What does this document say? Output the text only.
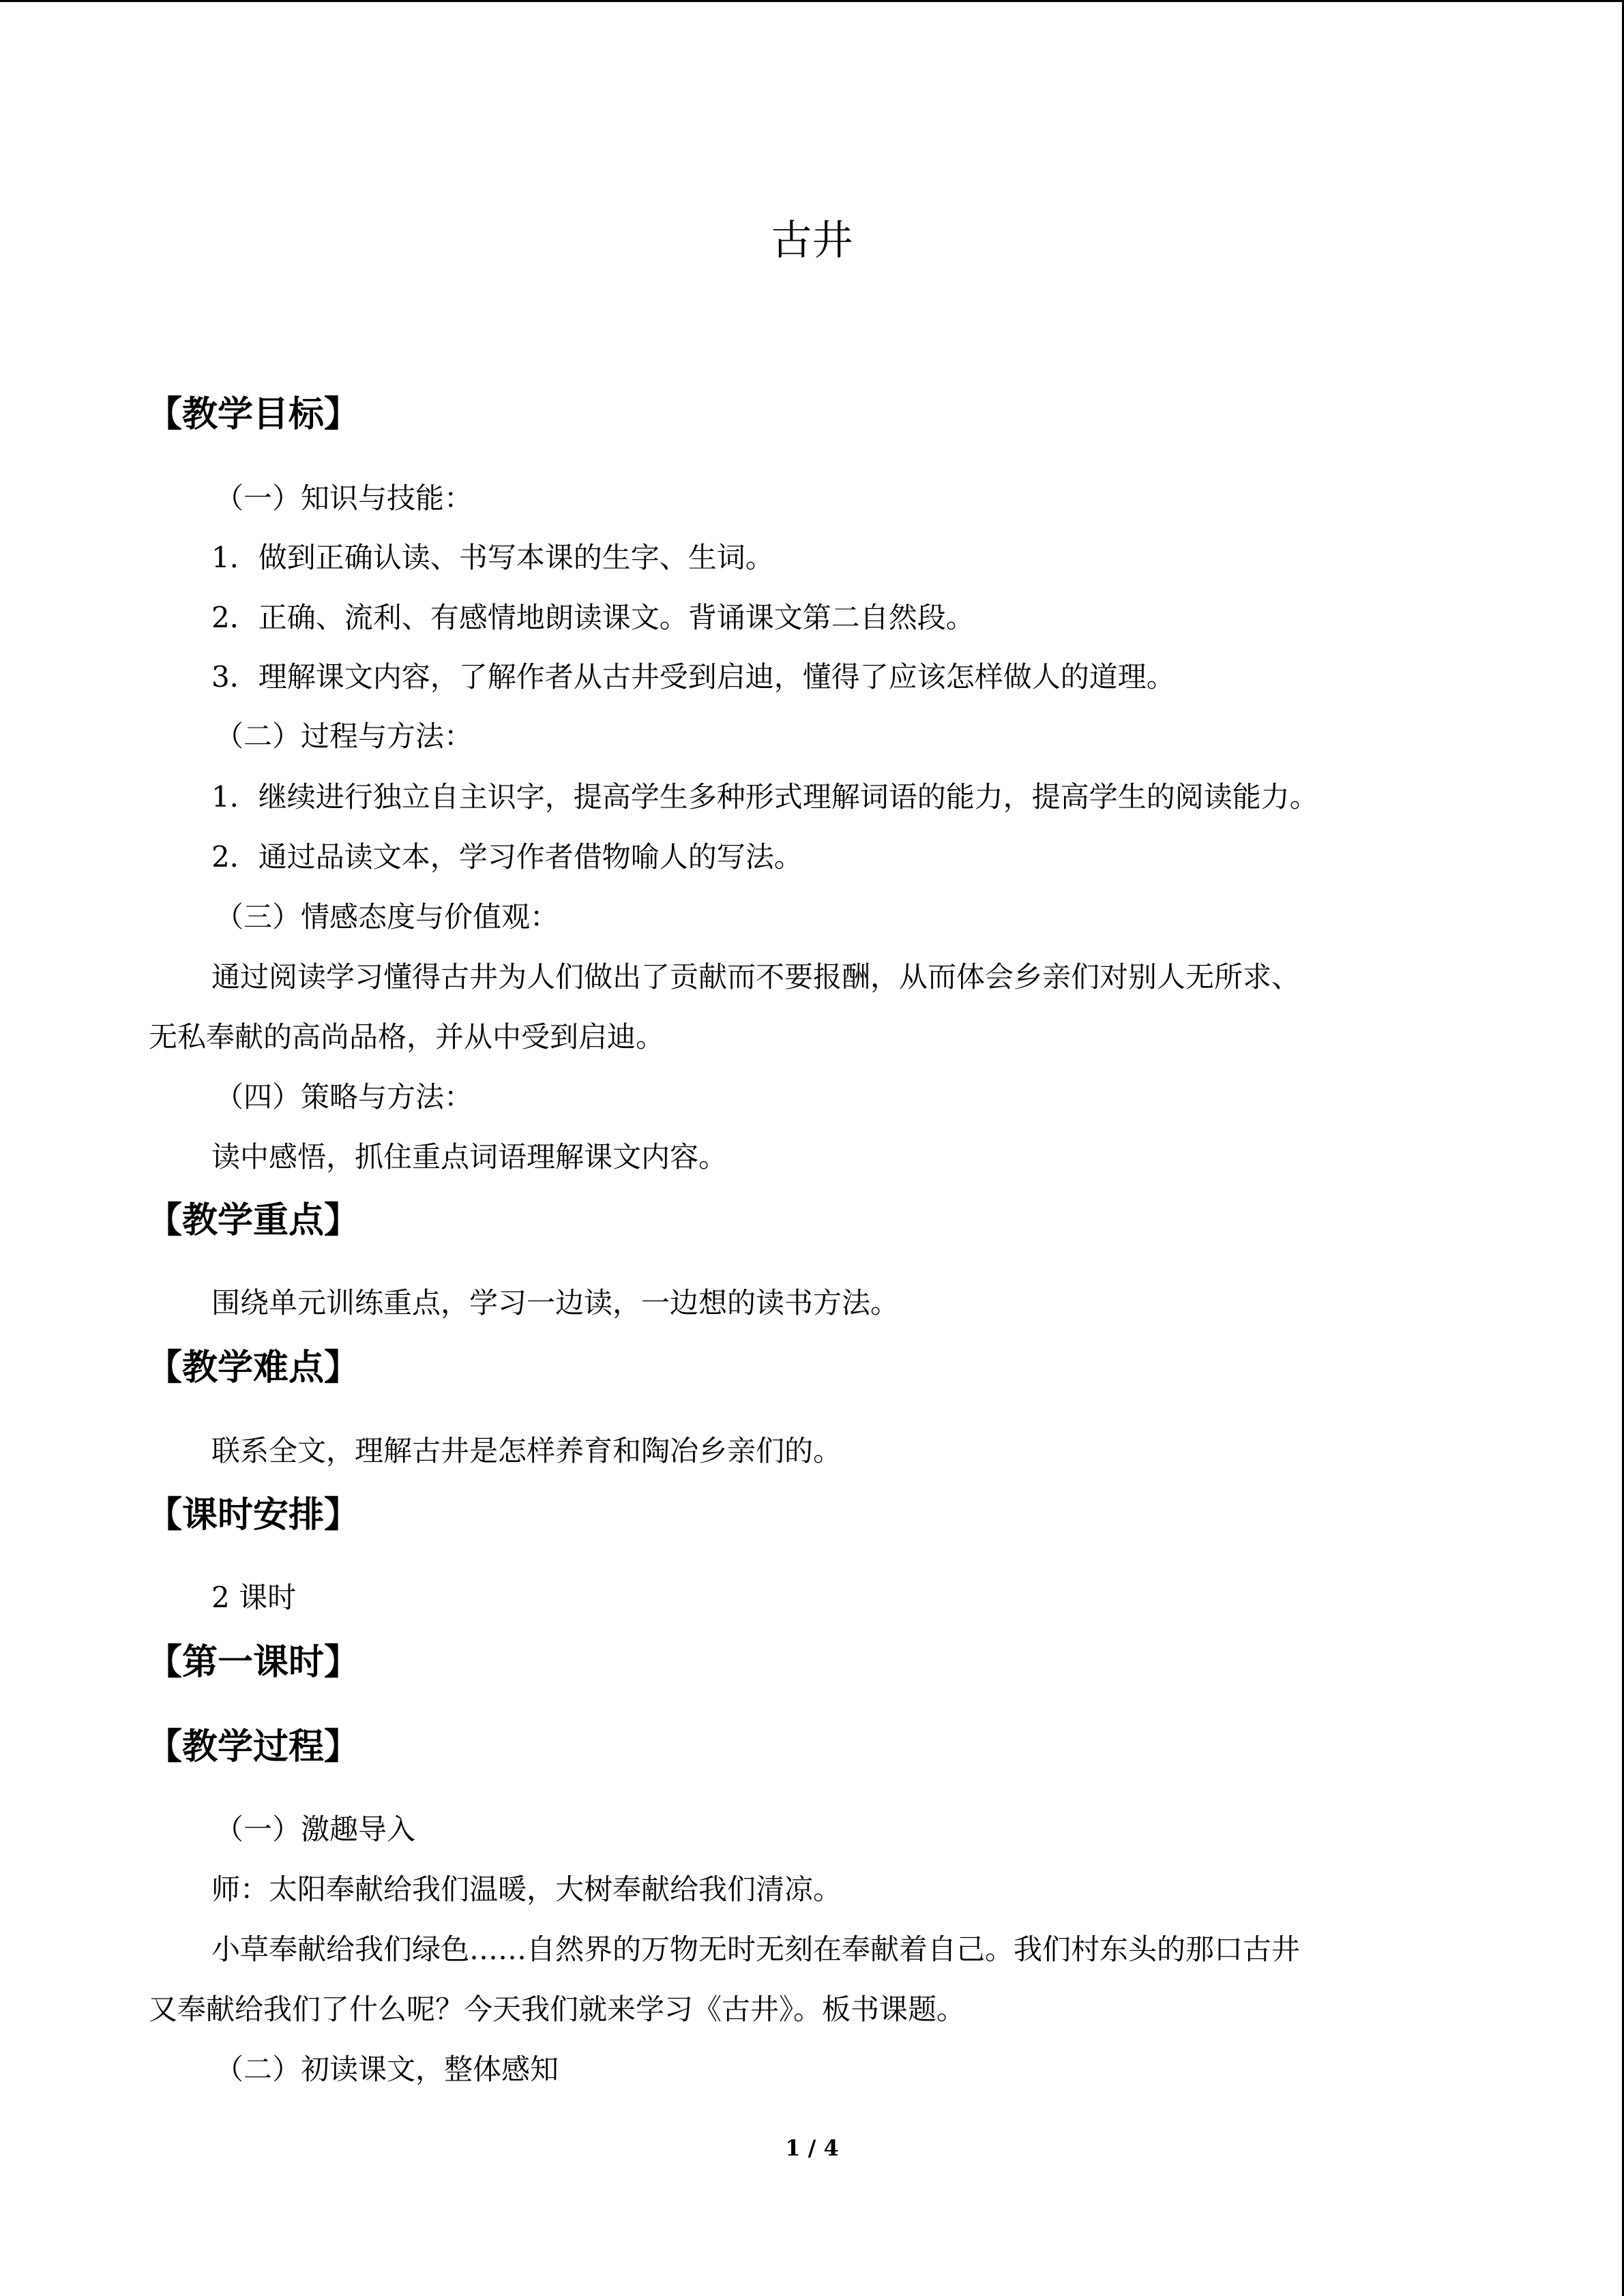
古井
【教学目标】
（一）知识与技能：
1．做到正确认读、书写本课的生字、生词。
2．正确、流利、有感情地朗读课文。背诵课文第二自然段。
3．理解课文内容，了解作者从古井受到启迪，懂得了应该怎样做人的道理。
（二）过程与方法：
1．继续进行独立自主识字，提高学生多种形式理解词语的能力，提高学生的阅读能力。
2．通过品读文本，学习作者借物喻人的写法。
（三）情感态度与价值观：
通过阅读学习懂得古井为人们做出了贡献而不要报酬，从而体会乡亲们对别人无所求、
无私奉献的高尚品格，并从中受到启迪。
（四）策略与方法：
读中感悟，抓住重点词语理解课文内容。
【教学重点】
围绕单元训练重点，学习一边读，一边想的读书方法。
【教学难点】
联系全文，理解古井是怎样养育和陶冶乡亲们的。
【课时安排】
2 课时
【第一课时】
【教学过程】
（一）激趣导入
师：太阳奉献给我们温暖，大树奉献给我们清凉。
小草奉献给我们绿色……自然界的万物无时无刻在奉献着自己。我们村东头的那口古井
又奉献给我们了什么呢？今天我们就来学习《古井》。板书课题。
（二）初读课文，整体感知
1 / 4
